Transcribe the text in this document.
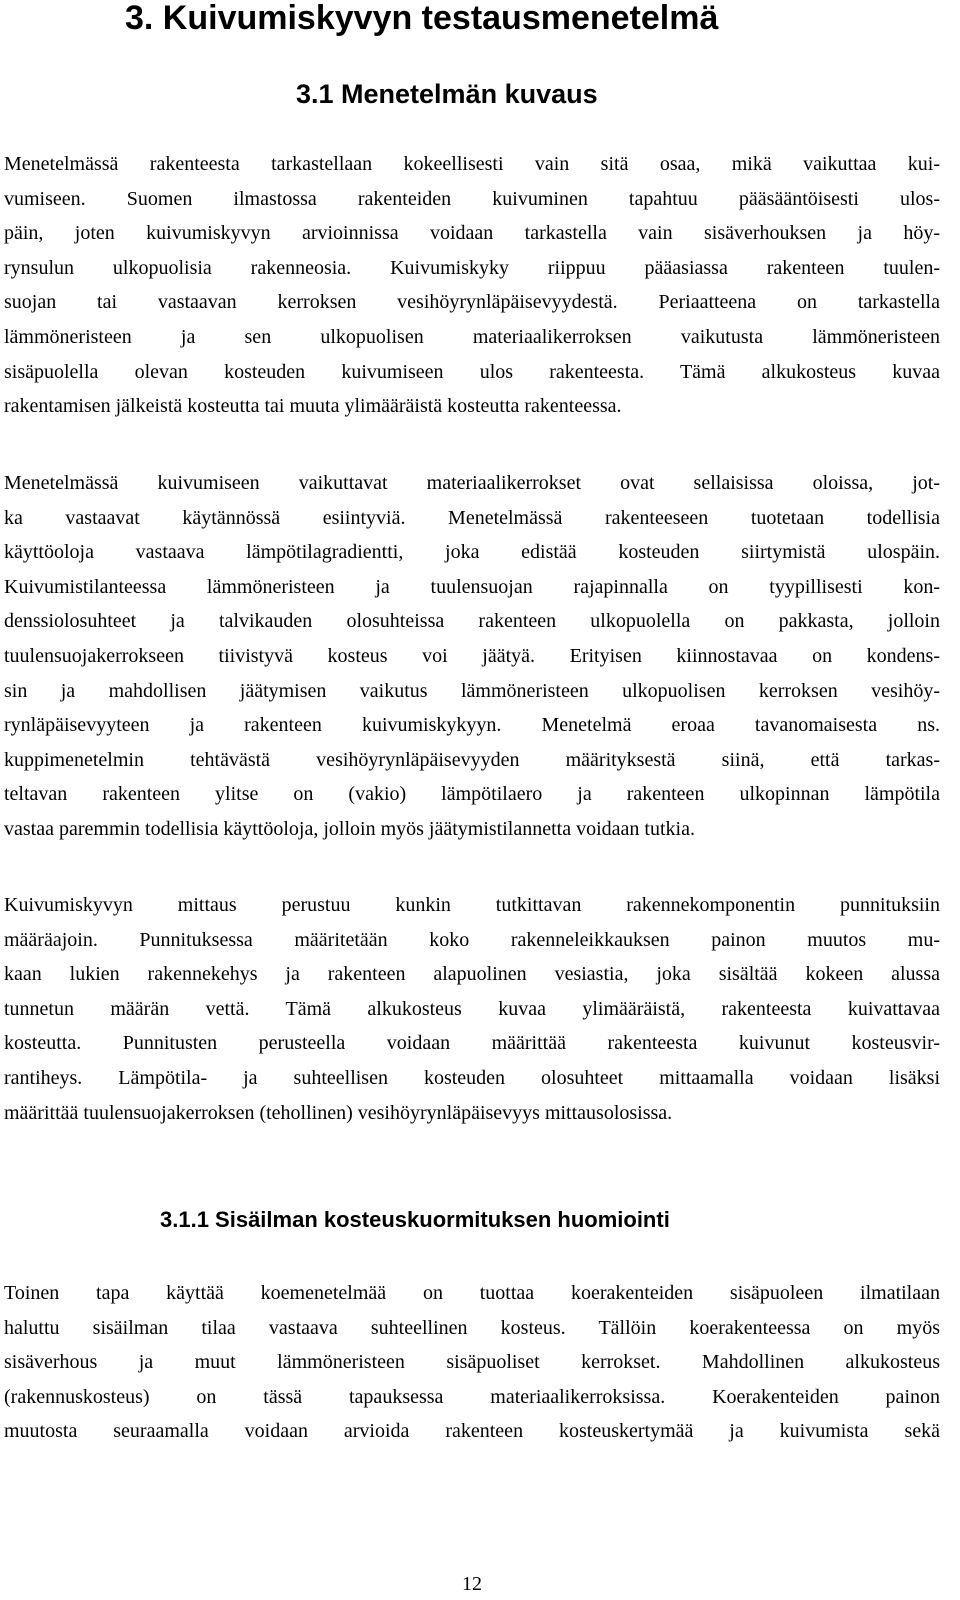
3. Kuivumiskyvyn testausmenetelmä
3.1 Menetelmän kuvaus
Menetelmässä rakenteesta tarkastellaan kokeellisesti vain sitä osaa, mikä vaikuttaa kui-
vumiseen. Suomen ilmastossa rakenteiden kuivuminen tapahtuu pääsääntöisesti ulos-
päin, joten kuivumiskyvyn arvioinnissa voidaan tarkastella vain sisäverhouksen ja höy-
rynsulun ulkopuolisia rakenneosia. Kuivumiskyky riippuu pääasiassa rakenteen tuulen-
suojan tai vastaavan kerroksen vesihöyrynläpäisevyydestä. Periaatteena on tarkastella
lämmöneristeen ja sen ulkopuolisen materiaalikerroksen vaikutusta lämmöneristeen
sisäpuolella olevan kosteuden kuivumiseen ulos rakenteesta. Tämä alkukosteus kuvaa
rakentamisen jälkeistä kosteutta tai muuta ylimääräistä kosteutta rakenteessa.
Menetelmässä kuivumiseen vaikuttavat materiaalikerrokset ovat sellaisissa oloissa, jot-
ka vastaavat käytännössä esiintyviä. Menetelmässä rakenteeseen tuotetaan todellisia
käyttöoloja vastaava lämpötilagradientti, joka edistää kosteuden siirtymistä ulospäin.
Kuivumistilanteessa lämmöneristeen ja tuulensuojan rajapinnalla on tyypillisesti kon-
denssiolosuhteet ja talvikauden olosuhteissa rakenteen ulkopuolella on pakkasta, jolloin
tuulensuojakerrokseen tiivistyvä kosteus voi jäätyä. Erityisen kiinnostavaa on kondens-
sin ja mahdollisen jäätymisen vaikutus lämmöneristeen ulkopuolisen kerroksen vesihöy-
rynläpäisevyyteen ja rakenteen kuivumiskykyyn. Menetelmä eroaa tavanomaisesta ns.
kuppimenetelmin tehtävästä vesihöyrynläpäisevyyden määrityksestä siinä, että tarkas-
teltavan rakenteen ylitse on (vakio) lämpötilaero ja rakenteen ulkopinnan lämpötila
vastaa paremmin todellisia käyttöoloja, jolloin myös jäätymistilannetta voidaan tutkia.
Kuivumiskyvyn mittaus perustuu kunkin tutkittavan rakennekomponentin punnituksiin
määräajoin. Punnituksessa määritetään koko rakenneleikkauksen painon muutos mu-
kaan lukien rakennekehys ja rakenteen alapuolinen vesiastia, joka sisältää kokeen alussa
tunnetun määrän vettä. Tämä alkukosteus kuvaa ylimääräistä, rakenteesta kuivattavaa
kosteutta. Punnitusten perusteella voidaan määrittää rakenteesta kuivunut kosteusvir-
rantiheys. Lämpötila- ja suhteellisen kosteuden olosuhteet mittaamalla voidaan lisäksi
määrittää tuulensuojakerroksen (tehollinen) vesihöyrynläpäisevyys mittausolosissa.
3.1.1 Sisäilman kosteuskuormituksen huomiointi
Toinen tapa käyttää koemenetelmää on tuottaa koerakenteiden sisäpuoleen ilmatilaan
haluttu sisäilman tilaa vastaava suhteellinen kosteus. Tällöin koerakenteessa on myös
sisäverhous ja muut lämmöneristeen sisäpuoliset kerrokset. Mahdollinen alkukosteus
(rakennuskosteus) on tässä tapauksessa materiaalikerroksissa. Koerakenteiden painon
muutosta seuraamalla voidaan arvioida rakenteen kosteuskertymää ja kuivumista sekä
12
